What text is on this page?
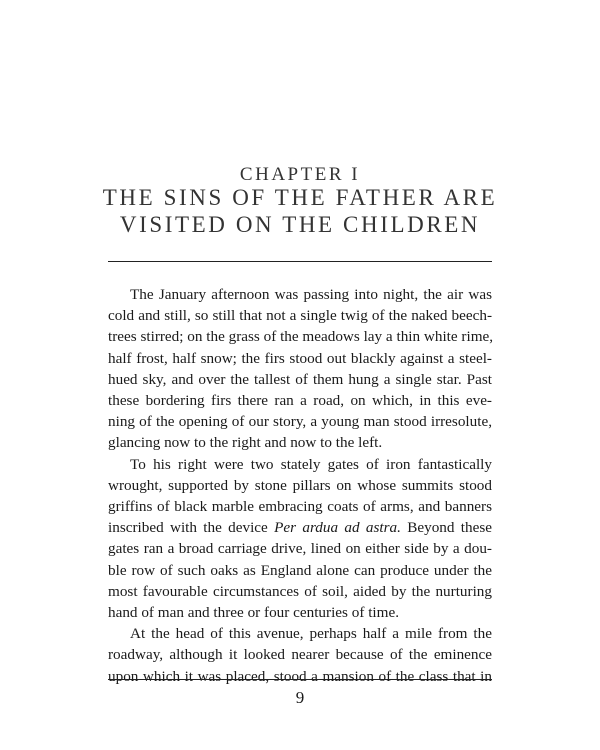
CHAPTER I
THE SINS OF THE FATHER ARE
VISITED ON THE CHILDREN
The January afternoon was passing into night, the air was
cold and still, so still that not a single twig of the naked beech-
trees stirred; on the grass of the meadows lay a thin white rime,
half frost, half snow; the firs stood out blackly against a steel-
hued sky, and over the tallest of them hung a single star. Past
these bordering firs there ran a road, on which, in this eve-
ning of the opening of our story, a young man stood irresolute,
glancing now to the right and now to the left.
To his right were two stately gates of iron fantastically
wrought, supported by stone pillars on whose summits stood
griffins of black marble embracing coats of arms, and banners
inscribed with the device Per ardua ad astra. Beyond these
gates ran a broad carriage drive, lined on either side by a dou-
ble row of such oaks as England alone can produce under the
most favourable circumstances of soil, aided by the nurturing
hand of man and three or four centuries of time.
At the head of this avenue, perhaps half a mile from the
roadway, although it looked nearer because of the eminence
upon which it was placed, stood a mansion of the class that in
9
